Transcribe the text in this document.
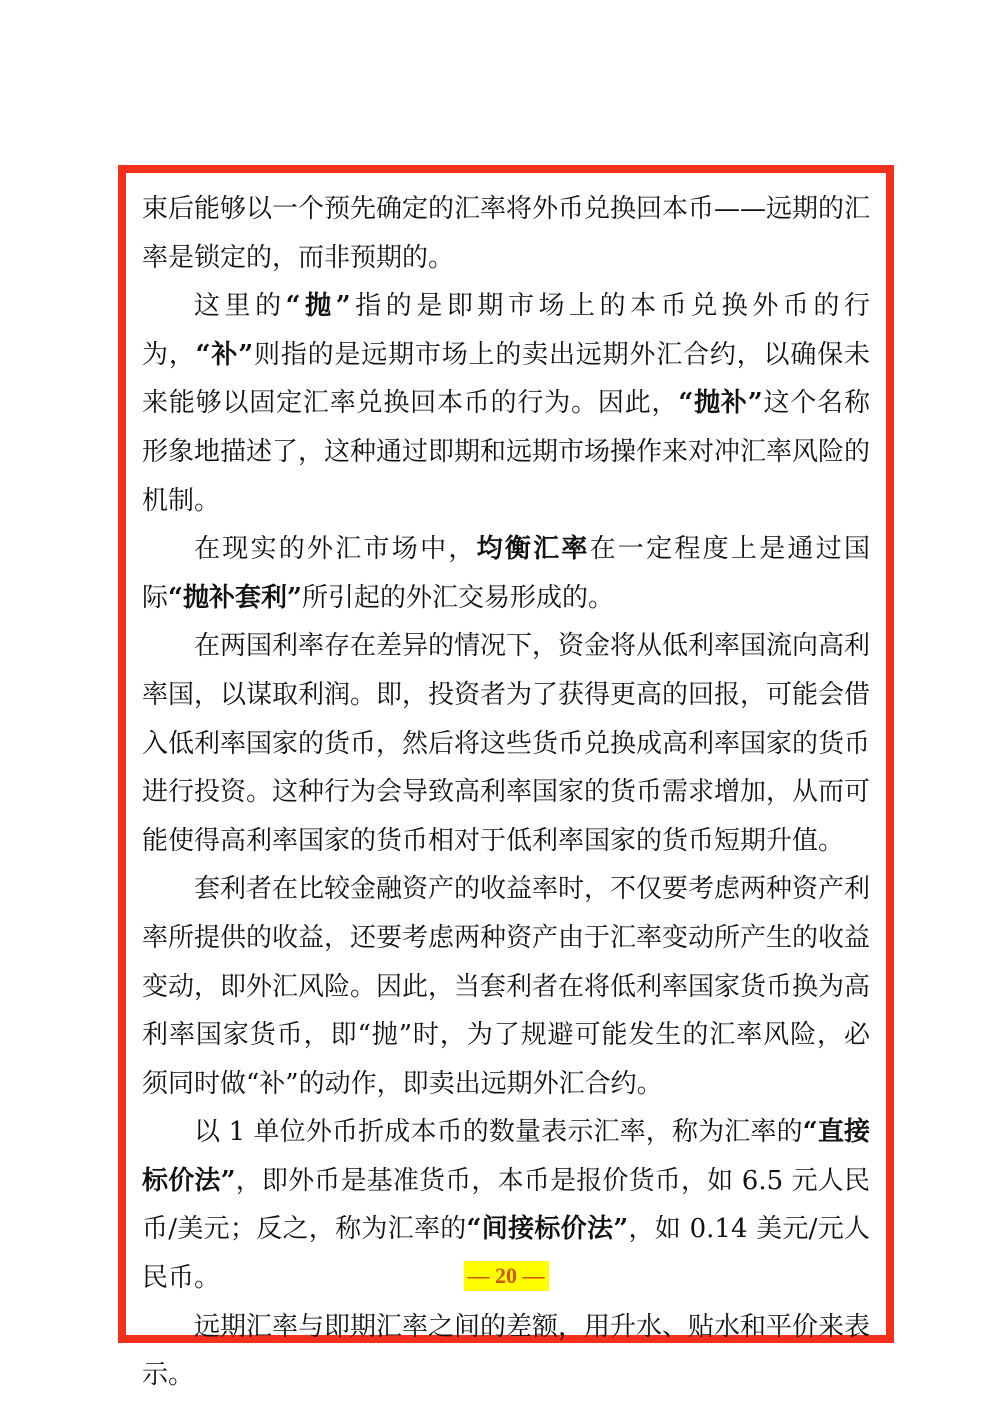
束后能够以一个预先确定的汇率将外币兑换回本币——远期的汇率是锁定的，而非预期的。

这里的“抛”指的是即期市场上的本币兑换外币的行为，“补”则指的是远期市场上的卖出远期外汇合约，以确保未来能够以固定汇率兑换回本币的行为。因此，“抛补”这个名称形象地描述了，这种通过即期和远期市场操作来对冲汇率风险的机制。

在现实的外汇市场中，均衡汇率在一定程度上是通过国际“抛补套利”所引起的外汇交易形成的。

在两国利率存在差异的情况下，资金将从低利率国流向高利率国，以谋取利润。即，投资者为了获得更高的回报，可能会借入低利率国家的货币，然后将这些货币兑换成高利率国家的货币进行投资。这种行为会导致高利率国家的货币需求增加，从而可能使得高利率国家的货币相对于低利率国家的货币短期升值。

套利者在比较金融资产的收益率时，不仅要考虑两种资产利率所提供的收益，还要考虑两种资产由于汇率变动所产生的收益变动，即外汇风险。因此，当套利者在将低利率国家货币换为高利率国家货币，即“抛”时，为了规避可能发生的汇率风险，必须同时做“补”的动作，即卖出远期外汇合约。

以 1 单位外币折成本币的数量表示汇率，称为汇率的“直接标价法”，即外币是基准货币，本币是报价货币，如 6.5 元人民币/美元；反之，称为汇率的“间接标价法”，如 0.14 美元/元人民币。

远期汇率与即期汇率之间的差额，用升水、贴水和平价来表示。

— 20 —
